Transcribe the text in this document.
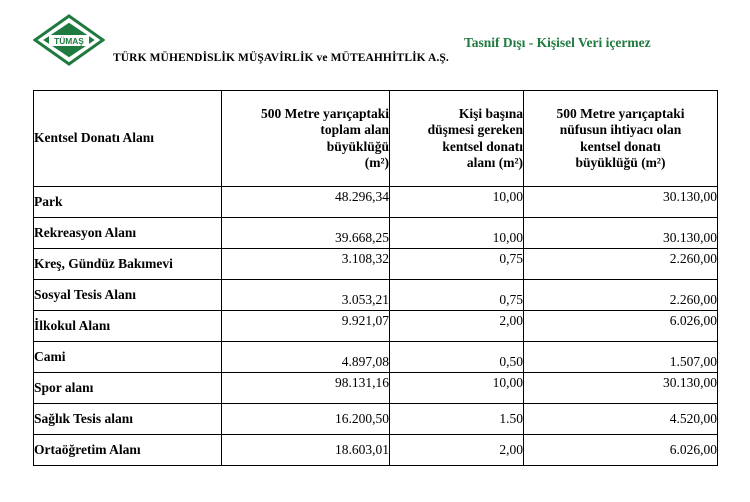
TÜMAŞ
TÜRK MÜHENDİSLİK MÜŞAVİRLİK ve MÜTEAHHİTLİK A.Ş.
Tasnif Dışı - Kişisel Veri içermez
Kentsel Donatı Alanı	500 Metre yarıçaptaki
toplam alan
büyüklüğü
(m²)	Kişi başına
düşmesi gereken
kentsel donatı
alanı (m²)	500 Metre yarıçaptaki
nüfusun ihtiyacı olan
kentsel donatı
büyüklüğü (m²)
Park	48.296,34	10,00	30.130,00

Rekreasyon Alanı	39.668,25	10,00	30.130,00

Kreş, Gündüz Bakımevi	3.108,32	0,75	2.260,00

Sosyal Tesis Alanı	3.053,21	0,75	2.260,00

İlkokul Alanı	9.921,07	2,00	6.026,00

Cami	4.897,08	0,50	1.507,00

Spor alanı	98.131,16	10,00	30.130,00

Sağlık Tesis alanı	16.200,50	1.50	4.520,00

Ortaöğretim Alanı	18.603,01	2,00	6.026,00
